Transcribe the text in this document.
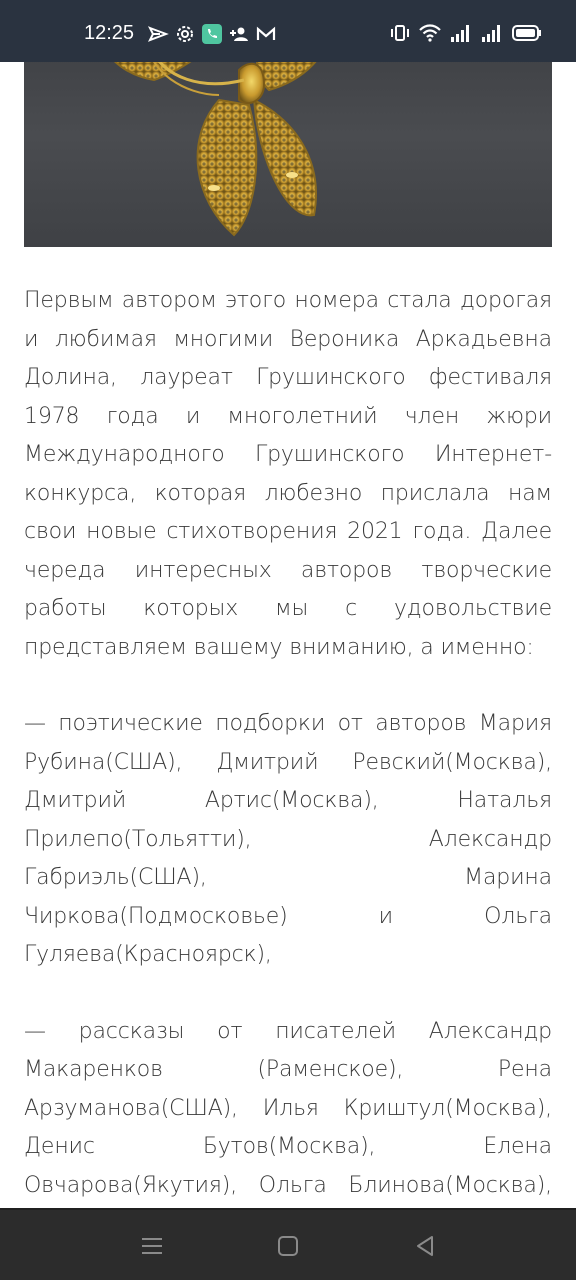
Первым автором этого номера стала дорогая и любимая многими Вероника Аркадьевна Долина, лауреат Грушинского фестиваля 1978 года и многолетний член жюри Международного Грушинского Интернет-конкурса, которая любезно прислала нам свои новые стихотворения 2021 года. Далее череда интересных авторов творческие работы которых мы с удовольствие представляем вашему вниманию, а именно:

— поэтические подборки от авторов Мария Рубина(США), Дмитрий Ревский(Москва), Дмитрий Артис(Москва), Наталья Прилепо(Тольятти), Александр Габриэль(США), Марина Чиркова(Подмосковье) и Ольга Гуляева(Красноярск),

— рассказы от писателей Александр Макаренков (Раменское), Рена Арзуманова(США), Илья Криштул(Москва), Денис Бутов(Москва), Елена Овчарова(Якутия), Ольга Блинова(Москва),

12:25
